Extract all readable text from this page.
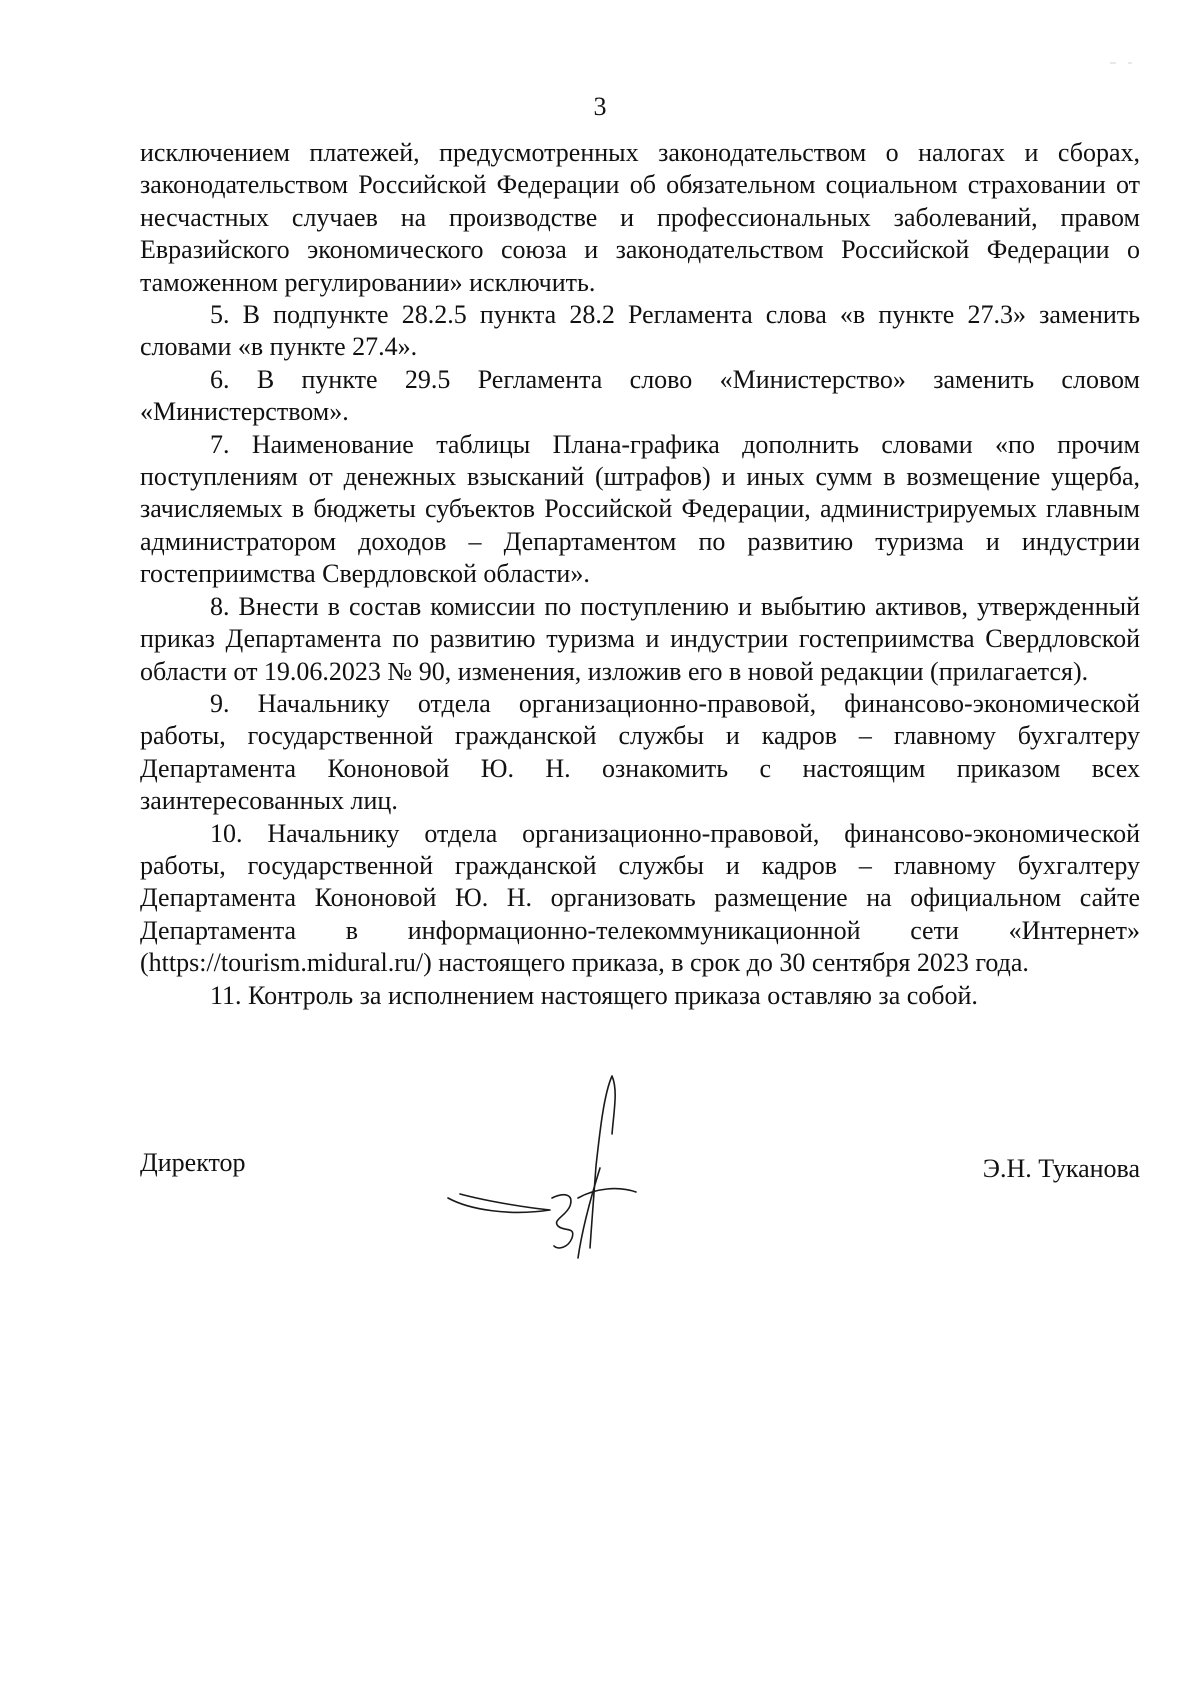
3

исключением платежей, предусмотренных законодательством о налогах и сборах, законодательством Российской Федерации об обязательном социальном страховании от несчастных случаев на производстве и профессиональных заболеваний, правом Евразийского экономического союза и законодательством Российской Федерации о таможенном регулировании» исключить.

5. В подпункте 28.2.5 пункта 28.2 Регламента слова «в пункте 27.3» заменить словами «в пункте 27.4».

6. В пункте 29.5 Регламента слово «Министерство» заменить словом «Министерством».

7. Наименование таблицы Плана-графика дополнить словами «по прочим поступлениям от денежных взысканий (штрафов) и иных сумм в возмещение ущерба, зачисляемых в бюджеты субъектов Российской Федерации, администрируемых главным администратором доходов – Департаментом по развитию туризма и индустрии гостеприимства Свердловской области».

8. Внести в состав комиссии по поступлению и выбытию активов, утвержденный приказ Департамента по развитию туризма и индустрии гостеприимства Свердловской области от 19.06.2023 № 90, изменения, изложив его в новой редакции (прилагается).

9. Начальнику отдела организационно-правовой, финансово-экономической работы, государственной гражданской службы и кадров – главному бухгалтеру Департамента Кононовой Ю. Н. ознакомить с настоящим приказом всех заинтересованных лиц.

10. Начальнику отдела организационно-правовой, финансово-экономической работы, государственной гражданской службы и кадров – главному бухгалтеру Департамента Кононовой Ю. Н. организовать размещение на официальном сайте Департамента в информационно-телекоммуникационной сети «Интернет» (https://tourism.midural.ru/) настоящего приказа, в срок до 30 сентября 2023 года.

11. Контроль за исполнением настоящего приказа оставляю за собой.

Директор	Э.Н. Туканова
